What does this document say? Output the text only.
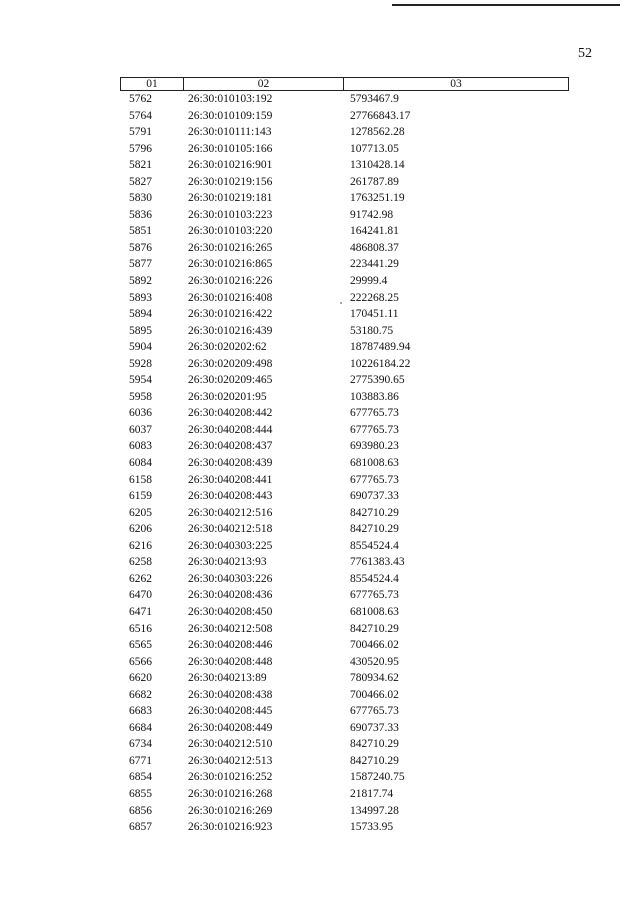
52
01	02	03
5762	26:30:010103:192	5793467.9
5764	26:30:010109:159	27766843.17
5791	26:30:010111:143	1278562.28
5796	26:30:010105:166	107713.05
5821	26:30:010216:901	1310428.14
5827	26:30:010219:156	261787.89
5830	26:30:010219:181	1763251.19
5836	26:30:010103:223	91742.98
5851	26:30:010103:220	164241.81
5876	26:30:010216:265	486808.37
5877	26:30:010216:865	223441.29
5892	26:30:010216:226	29999.4
5893	26:30:010216:408	222268.25
5894	26:30:010216:422	170451.11
5895	26:30:010216:439	53180.75
5904	26:30:020202:62	18787489.94
5928	26:30:020209:498	10226184.22
5954	26:30:020209:465	2775390.65
5958	26:30:020201:95	103883.86
6036	26:30:040208:442	677765.73
6037	26:30:040208:444	677765.73
6083	26:30:040208:437	693980.23
6084	26:30:040208:439	681008.63
6158	26:30:040208:441	677765.73
6159	26:30:040208:443	690737.33
6205	26:30:040212:516	842710.29
6206	26:30:040212:518	842710.29
6216	26:30:040303:225	8554524.4
6258	26:30:040213:93	7761383.43
6262	26:30:040303:226	8554524.4
6470	26:30:040208:436	677765.73
6471	26:30:040208:450	681008.63
6516	26:30:040212:508	842710.29
6565	26:30:040208:446	700466.02
6566	26:30:040208:448	430520.95
6620	26:30:040213:89	780934.62
6682	26:30:040208:438	700466.02
6683	26:30:040208:445	677765.73
6684	26:30:040208:449	690737.33
6734	26:30:040212:510	842710.29
6771	26:30:040212:513	842710.29
6854	26:30:010216:252	1587240.75
6855	26:30:010216:268	21817.74
6856	26:30:010216:269	134997.28
6857	26:30:010216:923	15733.95
